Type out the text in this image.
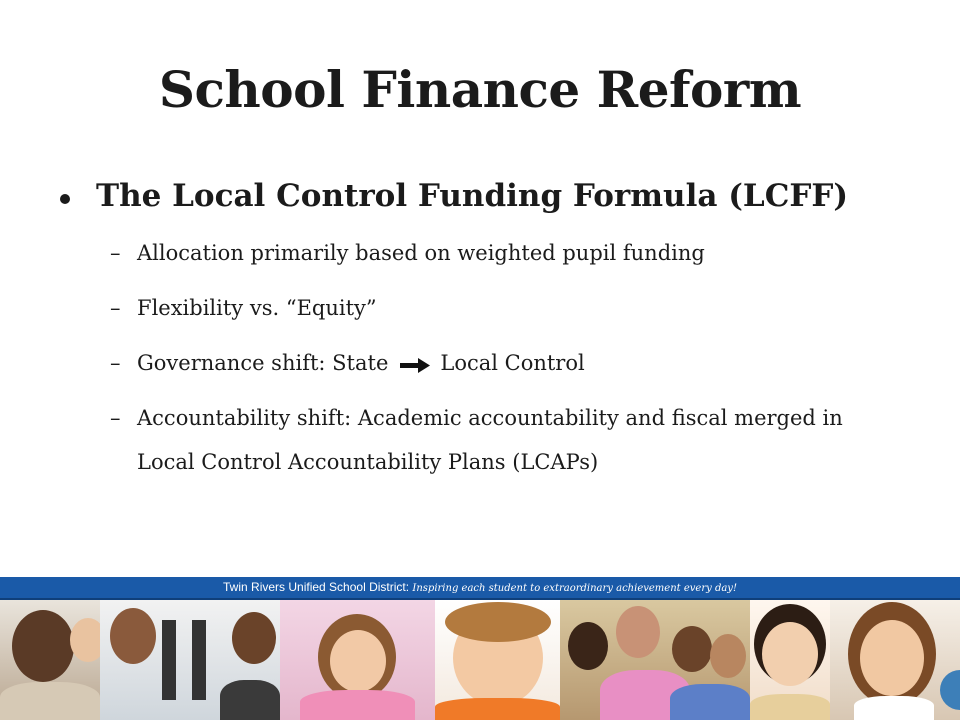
School Finance Reform
The Local Control Funding Formula (LCFF)
– Allocation primarily based on weighted pupil funding
– Flexibility vs. “Equity”
– Governance shift: State Local Control
– Accountability shift: Academic accountability and fiscal merged in
Local Control Accountability Plans (LCAPs)
Twin Rivers Unified School District: Inspiring each student to extraordinary achievement every day!
